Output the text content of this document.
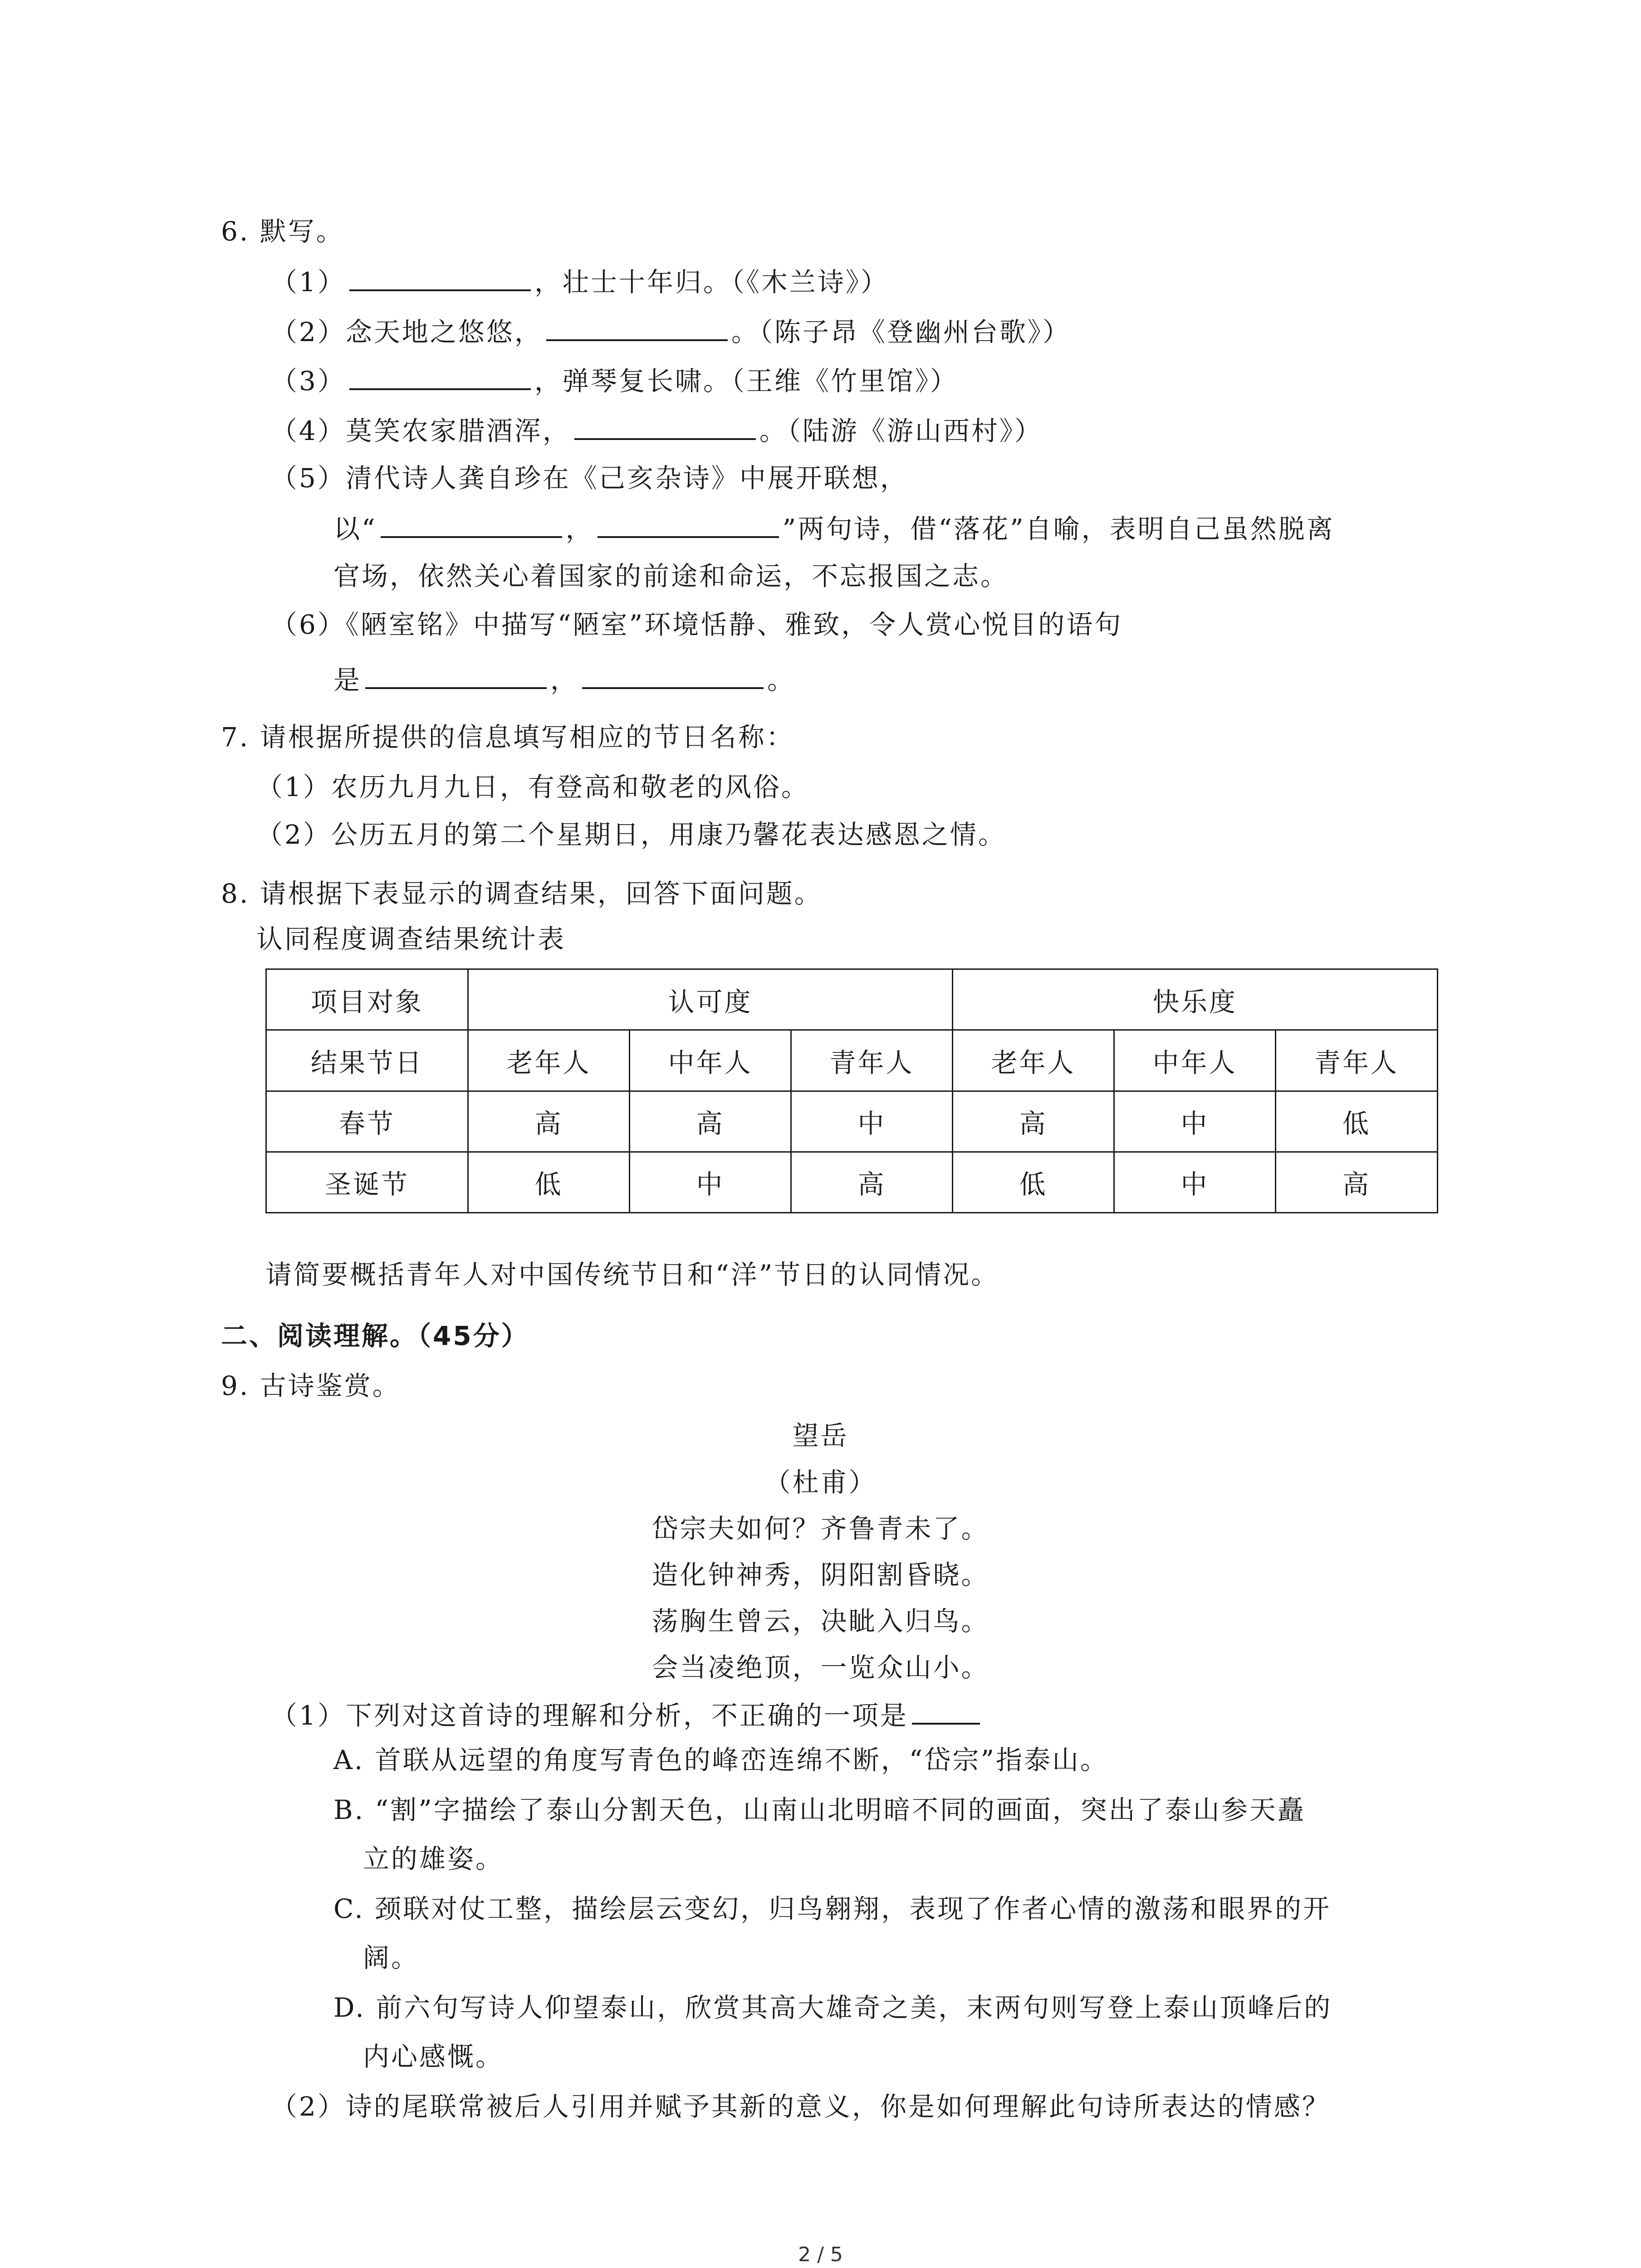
6. 默写。
（1）	，壮士十年归。（《木兰诗》）
（2）念天地之悠悠，	。（陈子昂《登幽州台歌》）
（3）	，弹琴复长啸。（王维《竹里馆》）
（4）莫笑农家腊酒浑，	。（陆游《游山西村》）
（5）清代诗人龚自珍在《己亥杂诗》中展开联想，
以“	，	”两句诗，借“落花”自喻，表明自己虽然脱离
官场，依然关心着国家的前途和命运，不忘报国之志。
（6）《陋室铭》中描写“陋室”环境恬静、雅致，令人赏心悦目的语句
是	，	。
7. 请根据所提供的信息填写相应的节日名称：
（1）农历九月九日，有登高和敬老的风俗。
（2）公历五月的第二个星期日，用康乃馨花表达感恩之情。
8. 请根据下表显示的调查结果，回答下面问题。
认同程度调查结果统计表
项目对象	认可度			快乐度		
结果节日	老年人	中年人	青年人	老年人	中年人	青年人
春节	高	高	中	高	中	低
圣诞节	低	中	高	低	中	高
请简要概括青年人对中国传统节日和“洋”节日的认同情况。
二、阅读理解。（45分）
9. 古诗鉴赏。
望岳
（杜甫）
岱宗夫如何？齐鲁青未了。
造化钟神秀，阴阳割昏晓。
荡胸生曾云，决眦入归鸟。
会当凌绝顶，一览众山小。
（1）下列对这首诗的理解和分析，不正确的一项是
A. 首联从远望的角度写青色的峰峦连绵不断，“岱宗”指泰山。
B. “割”字描绘了泰山分割天色，山南山北明暗不同的画面，突出了泰山参天矗
立的雄姿。
C. 颈联对仗工整，描绘层云变幻，归鸟翱翔，表现了作者心情的激荡和眼界的开
阔。
D. 前六句写诗人仰望泰山，欣赏其高大雄奇之美，末两句则写登上泰山顶峰后的
内心感慨。
（2）诗的尾联常被后人引用并赋予其新的意义，你是如何理解此句诗所表达的情感？
2 / 5
